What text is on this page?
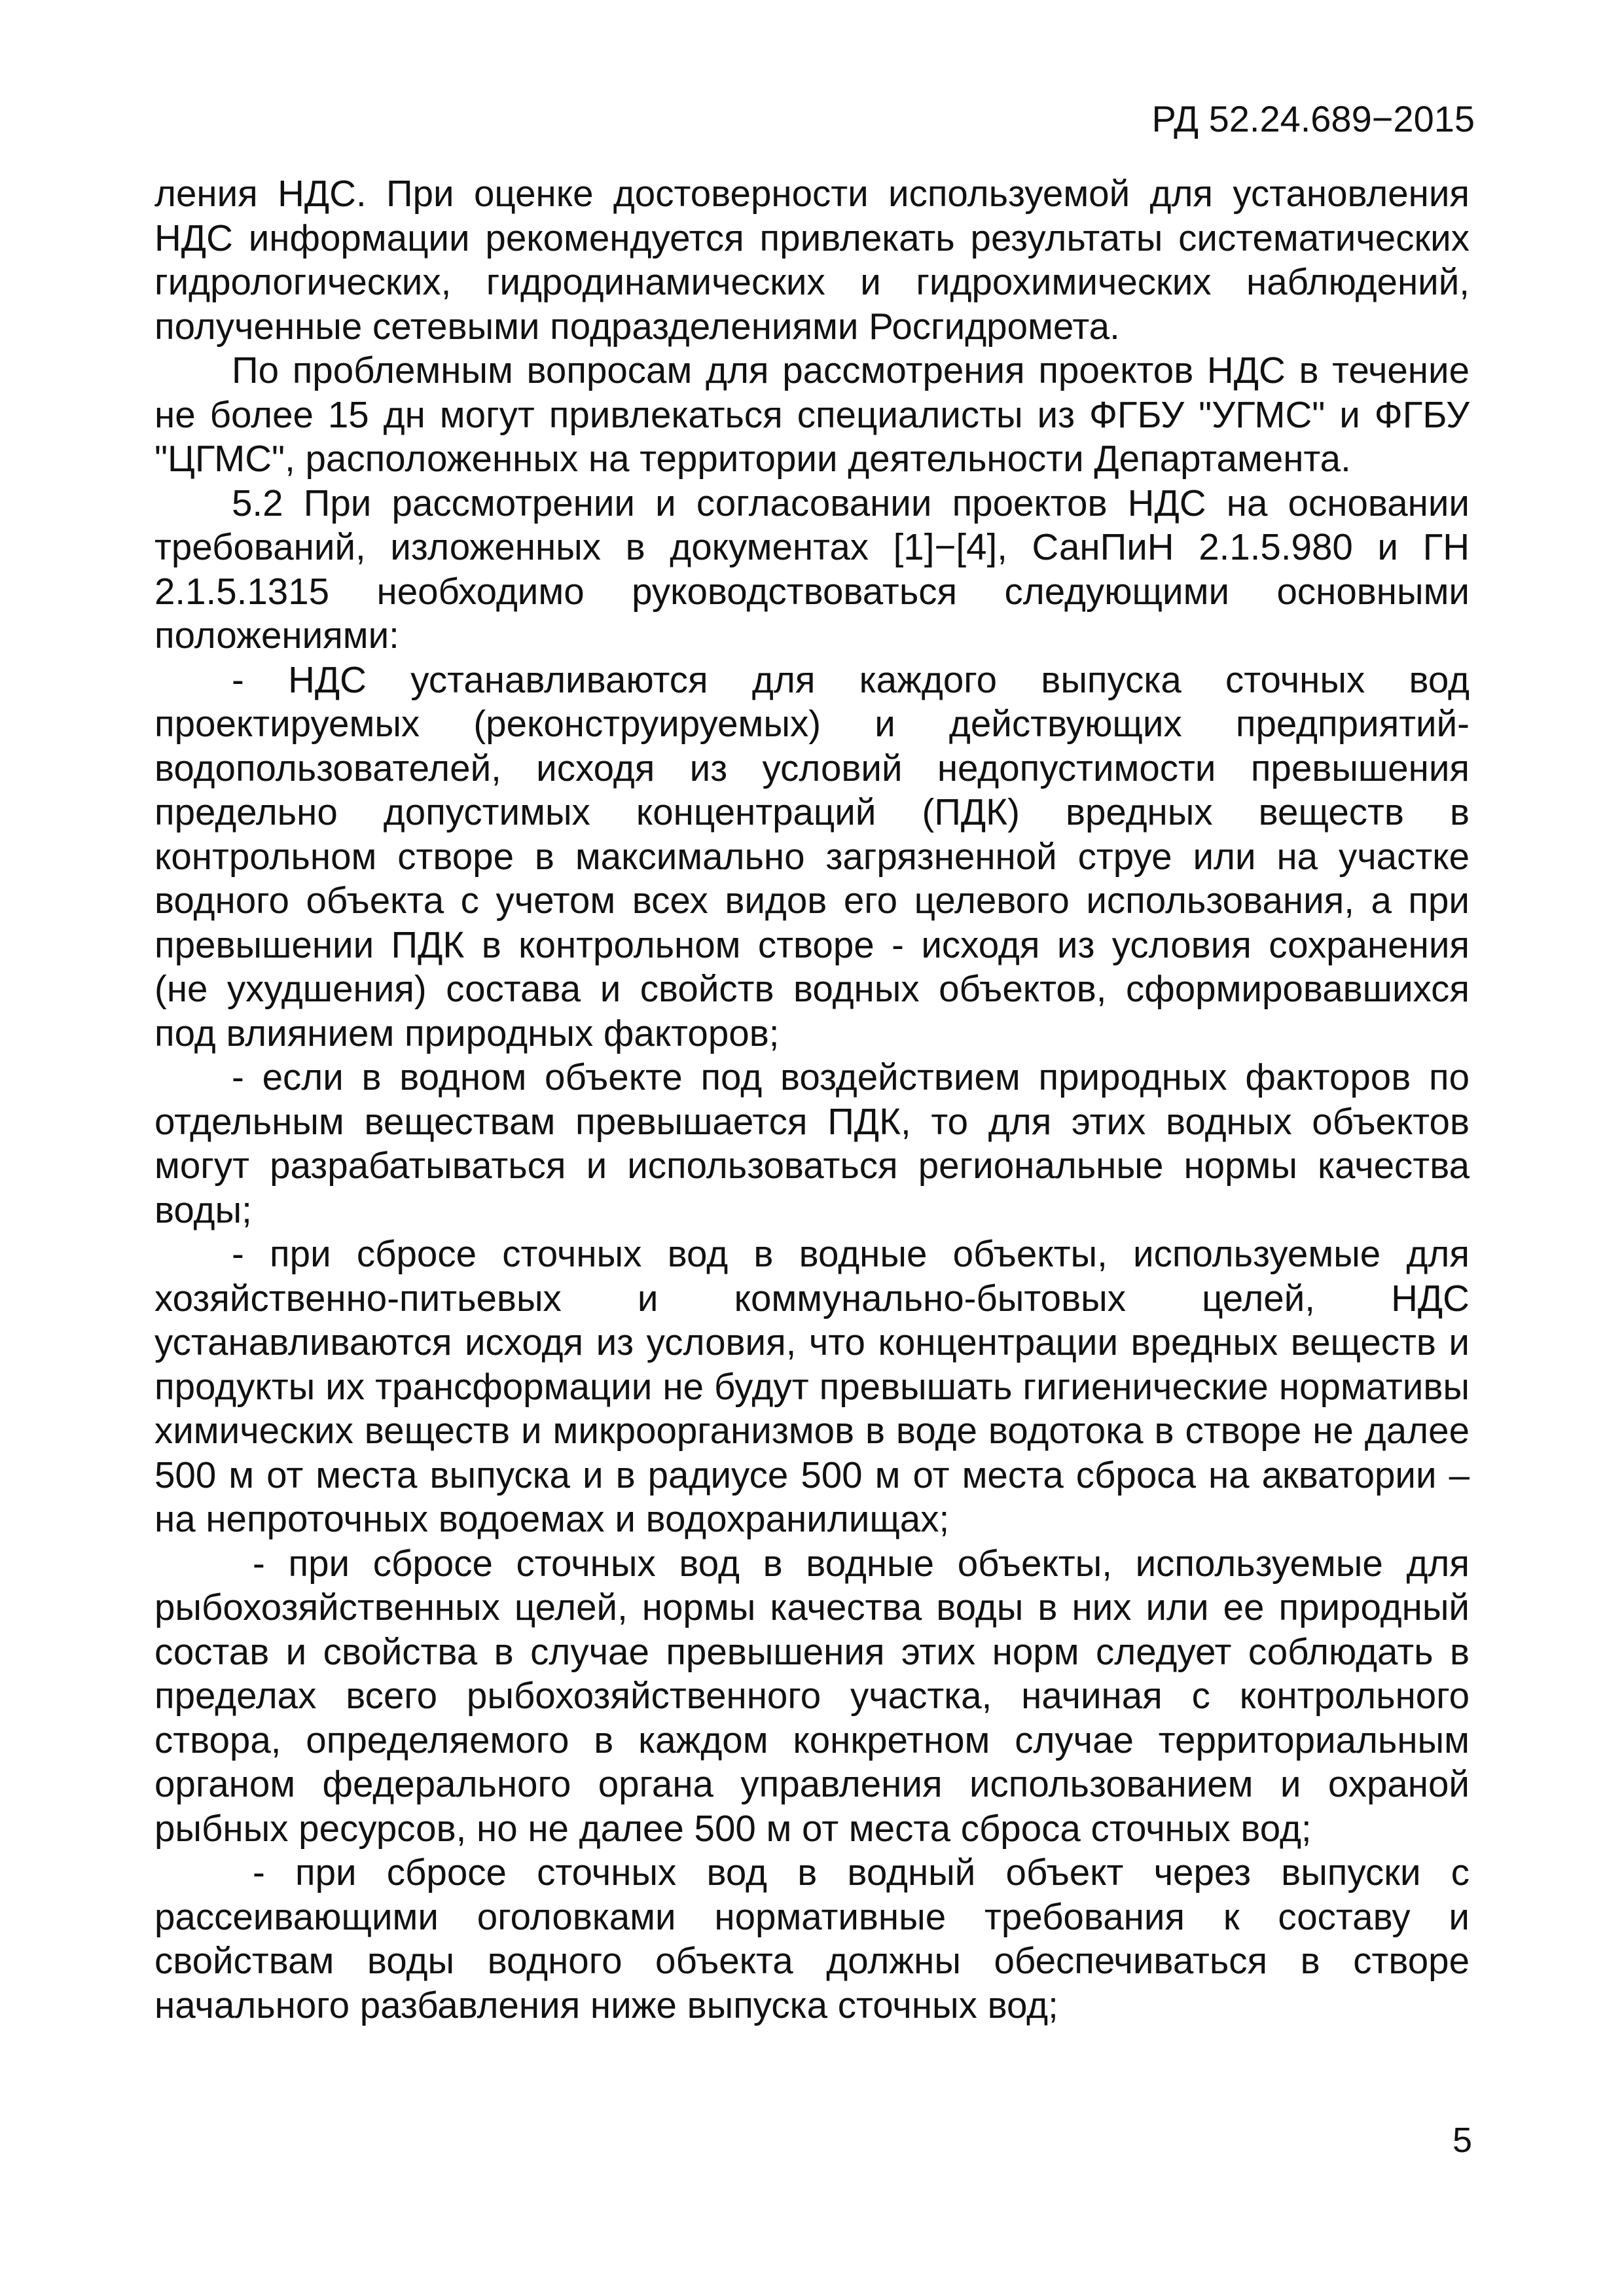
РД 52.24.689−2015

ления НДС. При оценке достоверности используемой для установления НДС информации рекомендуется привлекать результаты систематических гидрологических, гидродинамических и гидрохимических наблюдений, полученные сетевыми подразделениями Росгидромета.

По проблемным вопросам для рассмотрения проектов НДС в течение не более 15 дн могут привлекаться специалисты из ФГБУ "УГМС" и ФГБУ "ЦГМС", расположенных на территории деятельности Департамента.

5.2 При рассмотрении и согласовании проектов НДС на основании требований, изложенных в документах [1]−[4], СанПиН 2.1.5.980 и ГН 2.1.5.1315 необходимо руководствоваться следующими основными положениями:

- НДС устанавливаются для каждого выпуска сточных вод проектируемых (реконструируемых) и действующих предприятий-водопользователей, исходя из условий недопустимости превышения предельно допустимых концентраций (ПДК) вредных веществ в контрольном створе в максимально загрязненной струе или на участке водного объекта с учетом всех видов его целевого использования, а при превышении ПДК в контрольном створе - исходя из условия сохранения (не ухудшения) состава и свойств водных объектов, сформировавшихся под влиянием природных факторов;

- если в водном объекте под воздействием природных факторов по отдельным веществам превышается ПДК, то для этих водных объектов могут разрабатываться и использоваться региональные нормы качества воды;

- при сбросе сточных вод в водные объекты, используемые для хозяйственно-питьевых и коммунально-бытовых целей, НДС устанавливаются исходя из условия, что концентрации вредных веществ и продукты их трансформации не будут превышать гигиенические нормативы химических веществ и микроорганизмов в воде водотока в створе не далее 500 м от места выпуска и в радиусе 500 м от места сброса на акватории – на непроточных водоемах и водохранилищах;

- при сбросе сточных вод в водные объекты, используемые для рыбохозяйственных целей, нормы качества воды в них или ее природный состав и свойства в случае превышения этих норм следует соблюдать в пределах всего рыбохозяйственного участка, начиная с контрольного створа, определяемого в каждом конкретном случае территориальным органом федерального органа управления использованием и охраной рыбных ресурсов, но не далее 500 м от места сброса сточных вод;

- при сбросе сточных вод в водный объект через выпуски с рассеивающими оголовками нормативные требования к составу и свойствам воды водного объекта должны обеспечиваться в створе начального разбавления ниже выпуска сточных вод;

5
